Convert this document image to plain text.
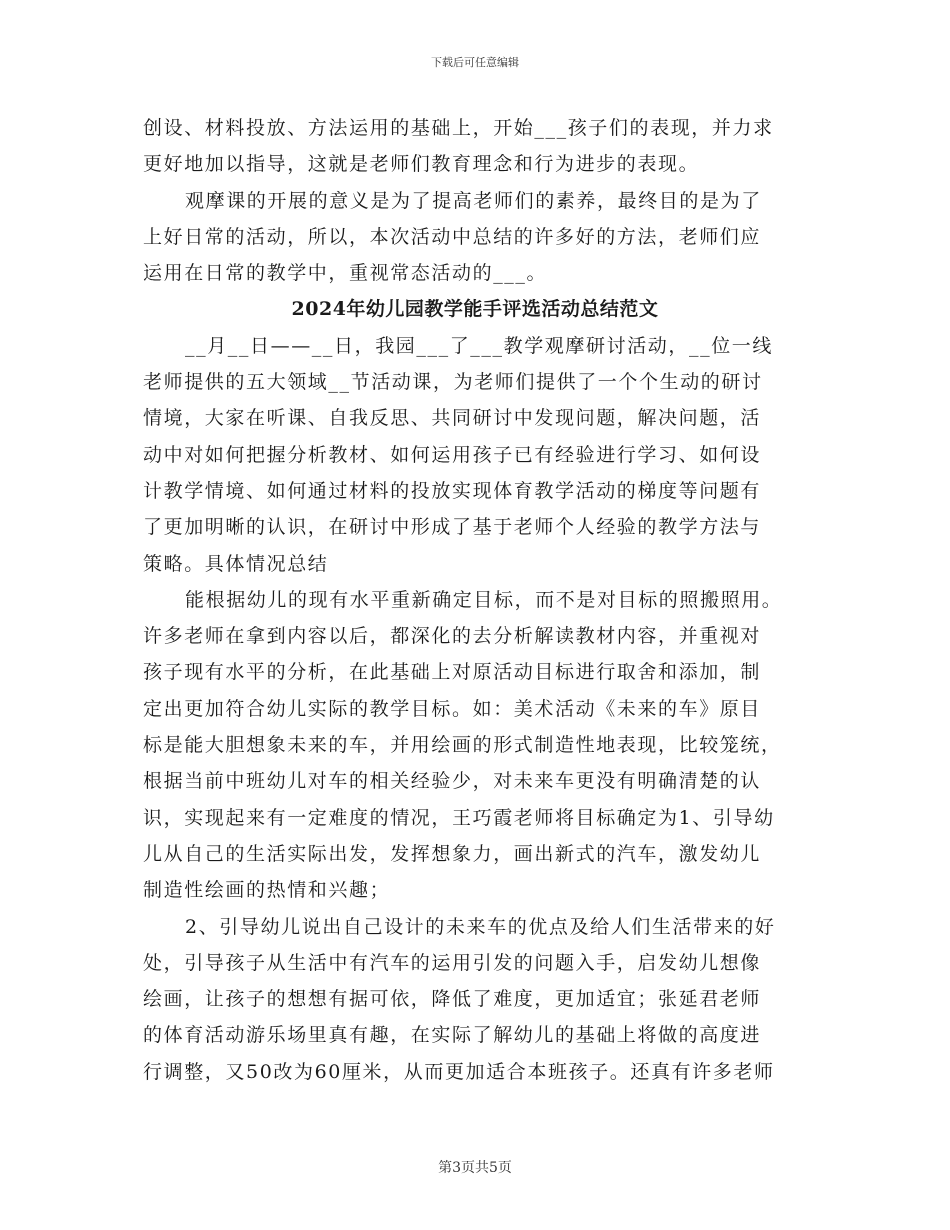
下载后可任意编辑
创设、材料投放、方法运用的基础上，开始___孩子们的表现，并力求
更好地加以指导，这就是老师们教育理念和行为进步的表现。
观摩课的开展的意义是为了提高老师们的素养，最终目的是为了
上好日常的活动，所以，本次活动中总结的许多好的方法，老师们应
运用在日常的教学中，重视常态活动的___。
2024年幼儿园教学能手评选活动总结范文
__月__日——__日，我园___了___教学观摩研讨活动，__位一线
老师提供的五大领域__节活动课，为老师们提供了一个个生动的研讨
情境，大家在听课、自我反思、共同研讨中发现问题，解决问题，活
动中对如何把握分析教材、如何运用孩子已有经验进行学习、如何设
计教学情境、如何通过材料的投放实现体育教学活动的梯度等问题有
了更加明晰的认识，在研讨中形成了基于老师个人经验的教学方法与
策略。具体情况总结
能根据幼儿的现有水平重新确定目标，而不是对目标的照搬照用。
许多老师在拿到内容以后，都深化的去分析解读教材内容，并重视对
孩子现有水平的分析，在此基础上对原活动目标进行取舍和添加，制
定出更加符合幼儿实际的教学目标。如：美术活动《未来的车》原目
标是能大胆想象未来的车，并用绘画的形式制造性地表现，比较笼统，
根据当前中班幼儿对车的相关经验少，对未来车更没有明确清楚的认
识，实现起来有一定难度的情况，王巧霞老师将目标确定为1、引导幼
儿从自己的生活实际出发，发挥想象力，画出新式的汽车，激发幼儿
制造性绘画的热情和兴趣；
2、引导幼儿说出自己设计的未来车的优点及给人们生活带来的好
处，引导孩子从生活中有汽车的运用引发的问题入手，启发幼儿想像
绘画，让孩子的想想有据可依，降低了难度，更加适宜；张延君老师
的体育活动游乐场里真有趣，在实际了解幼儿的基础上将做的高度进
行调整，又50改为60厘米，从而更加适合本班孩子。还真有许多老师
第3页共5页
